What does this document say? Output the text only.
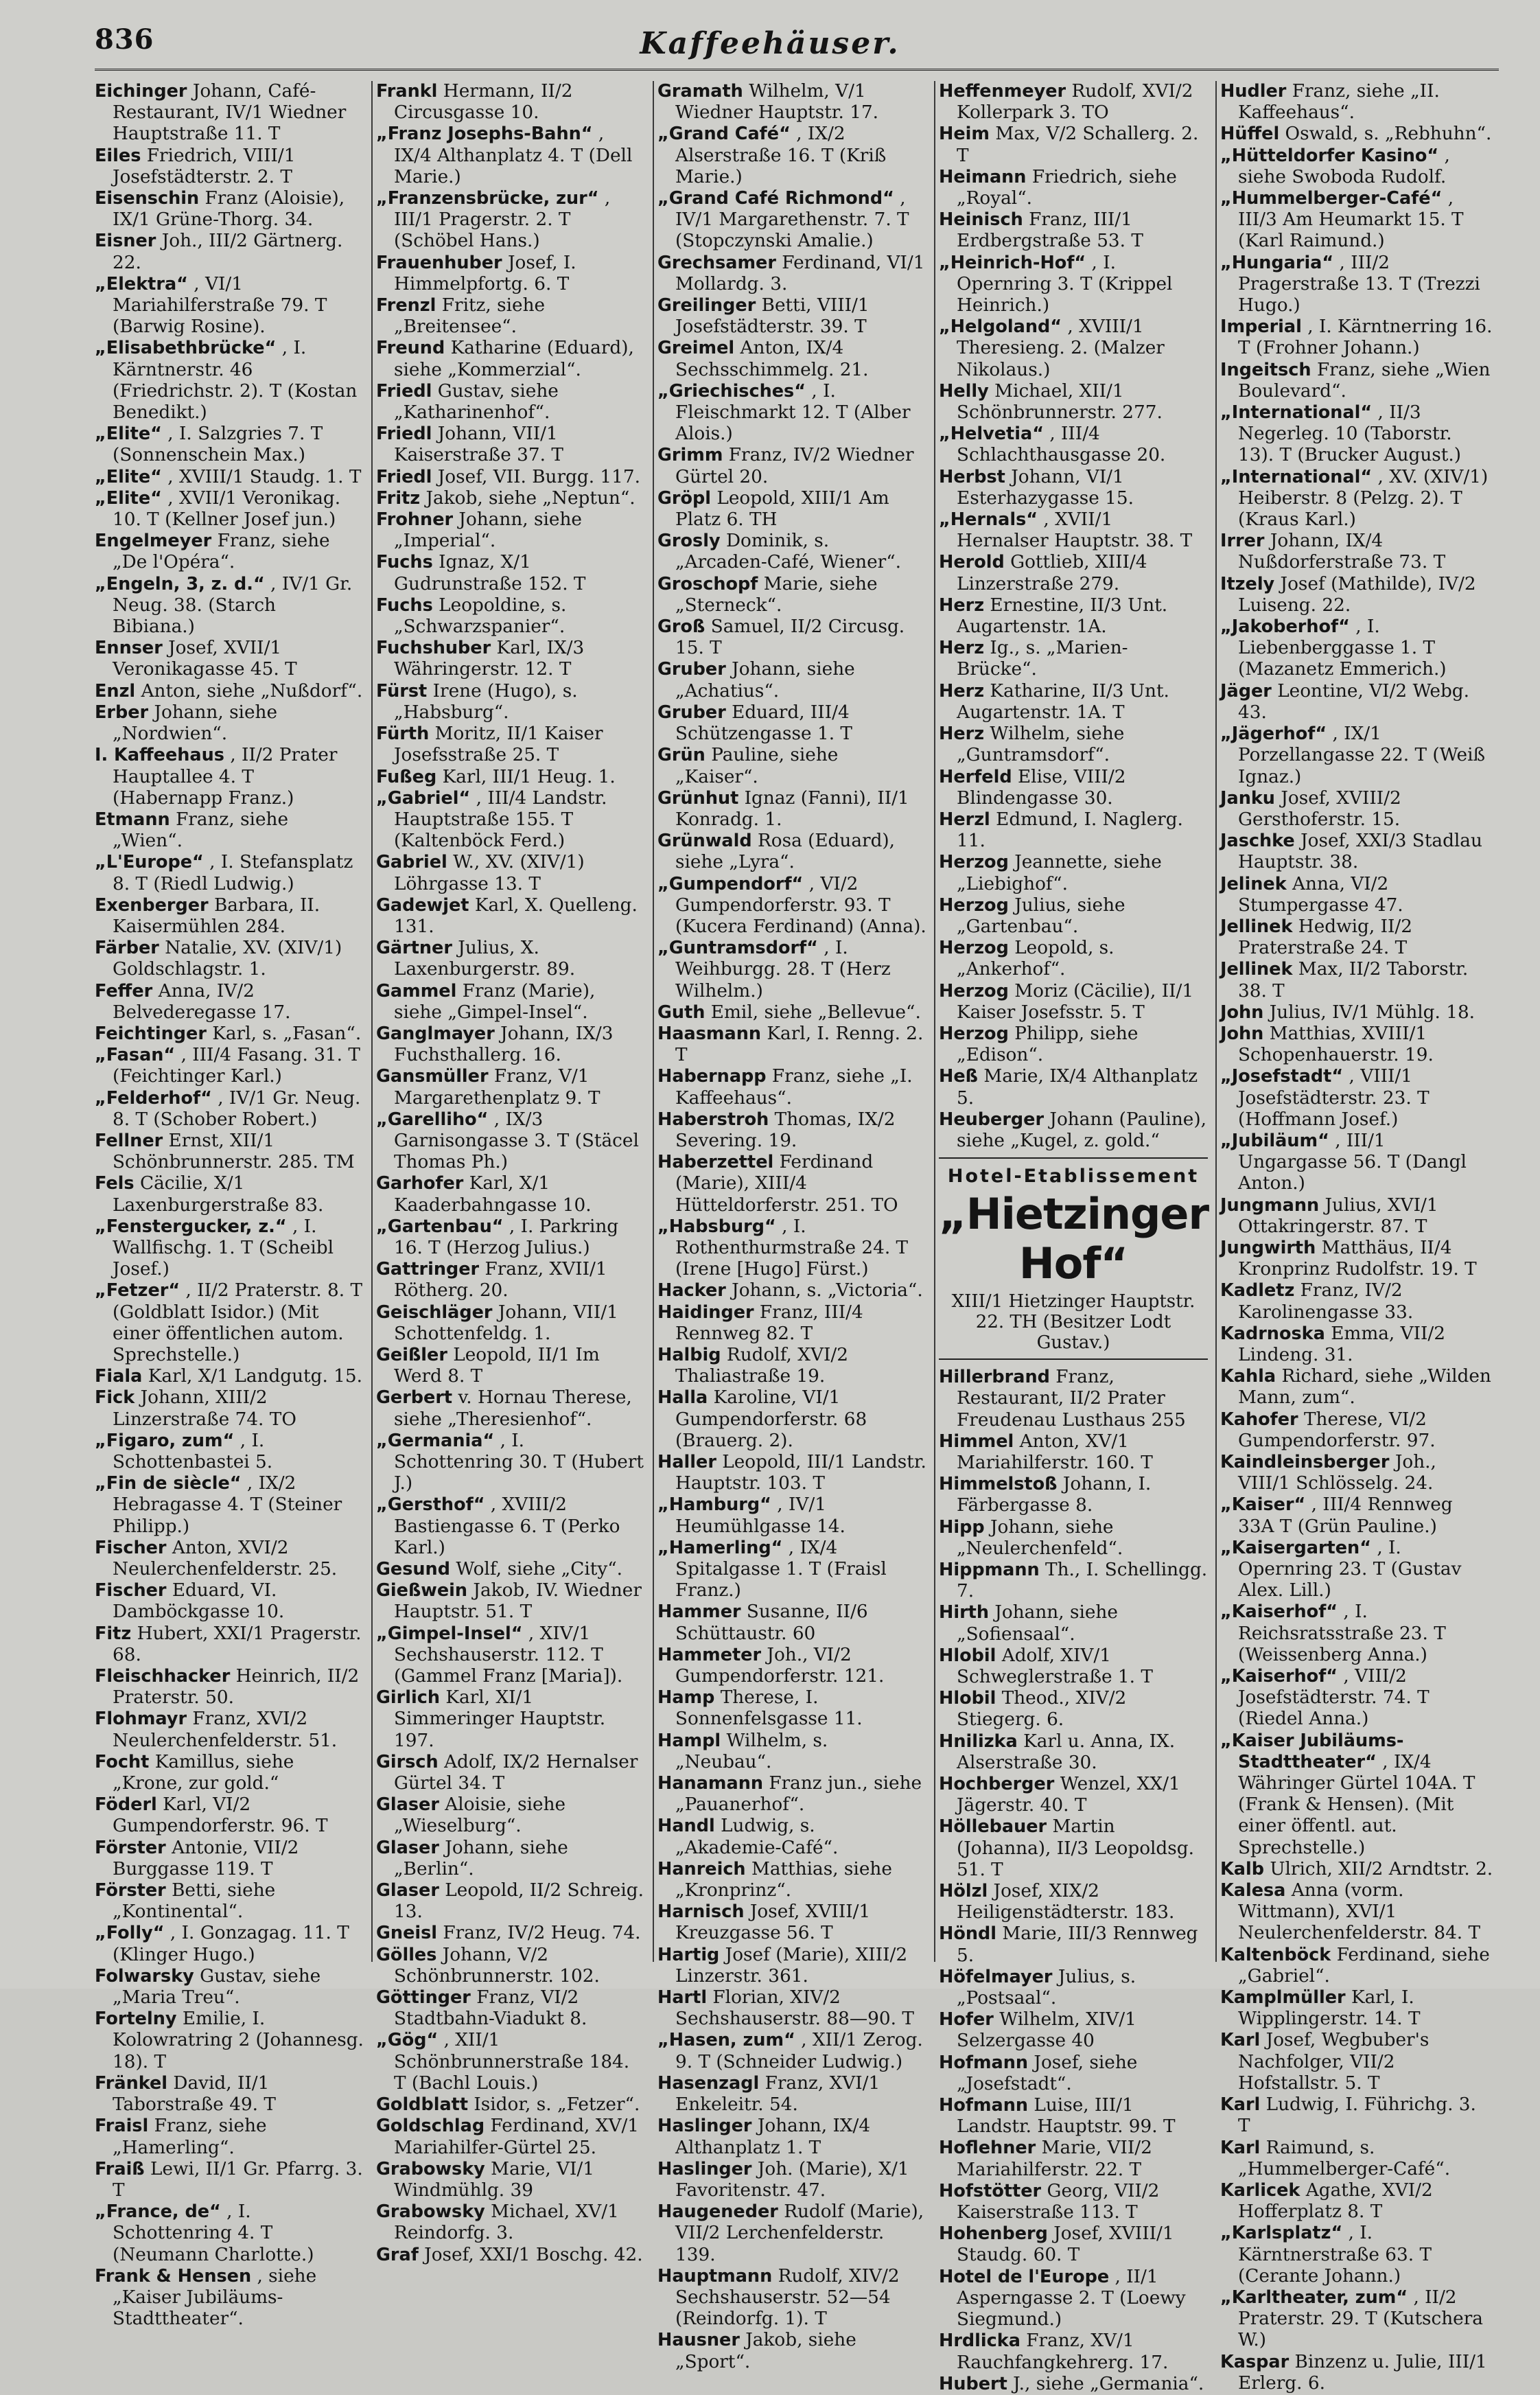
836	Kaffeehäuser.

Eichinger Johann, Café-Restaurant, IV/1 Wiedner Hauptstraße 11. T

Eiles Friedrich, VIII/1 Josefstädterstr. 2. T

Eisenschin Franz (Aloisie), IX/1 Grüne-Thorg. 34.

Eisner Joh., III/2 Gärtnerg. 22.

„Elektra“ , VI/1 Mariahilferstraße 79. T (Barwig Rosine).

„Elisabethbrücke“ , I. Kärntnerstr. 46 (Friedrichstr. 2). T (Kostan Benedikt.)

„Elite“ , I. Salzgries 7. T (Sonnenschein Max.)

„Elite“ , XVIII/1 Staudg. 1. T

„Elite“ , XVII/1 Veronikag. 10. T (Kellner Josef jun.)

Engelmeyer Franz, siehe „De l'Opéra“.

„Engeln, 3, z. d.“ , IV/1 Gr. Neug. 38. (Starch Bibiana.)

Ennser Josef, XVII/1 Veronikagasse 45. T

Enzl Anton, siehe „Nußdorf“.

Erber Johann, siehe „Nordwien“.

I. Kaffeehaus , II/2 Prater Hauptallee 4. T (Habernapp Franz.)

Etmann Franz, siehe „Wien“.

„L'Europe“ , I. Stefansplatz 8. T (Riedl Ludwig.)

Exenberger Barbara, II. Kaisermühlen 284.

Färber Natalie, XV. (XIV/1) Goldschlagstr. 1.

Feffer Anna, IV/2 Belvederegasse 17.

Feichtinger Karl, s. „Fasan“.

„Fasan“ , III/4 Fasang. 31. T (Feichtinger Karl.)

„Felderhof“ , IV/1 Gr. Neug. 8. T (Schober Robert.)

Fellner Ernst, XII/1 Schönbrunnerstr. 285. TM

Fels Cäcilie, X/1 Laxenburgerstraße 83.

„Fenstergucker, z.“ , I. Wallfischg. 1. T (Scheibl Josef.)

„Fetzer“ , II/2 Praterstr. 8. T (Goldblatt Isidor.) (Mit einer öffentlichen autom. Sprechstelle.)

Fiala Karl, X/1 Landgutg. 15.

Fick Johann, XIII/2 Linzerstraße 74. TO

„Figaro, zum“ , I. Schottenbastei 5.

„Fin de siècle“ , IX/2 Hebragasse 4. T (Steiner Philipp.)

Fischer Anton, XVI/2 Neulerchenfelderstr. 25.

Fischer Eduard, VI. Damböckgasse 10.

Fitz Hubert, XXI/1 Pragerstr. 68.

Fleischhacker Heinrich, II/2 Praterstr. 50.

Flohmayr Franz, XVI/2 Neulerchenfelderstr. 51.

Focht Kamillus, siehe „Krone, zur gold.“

Föderl Karl, VI/2 Gumpendorferstr. 96. T

Förster Antonie, VII/2 Burggasse 119. T

Förster Betti, siehe „Kontinental“.

„Folly“ , I. Gonzagag. 11. T (Klinger Hugo.)

Folwarsky Gustav, siehe „Maria Treu“.

Fortelny Emilie, I. Kolowratring 2 (Johannesg. 18). T

Fränkel David, II/1 Taborstraße 49. T

Fraisl Franz, siehe „Hamerling“.

Fraiß Lewi, II/1 Gr. Pfarrg. 3. T

„France, de“ , I. Schottenring 4. T (Neumann Charlotte.)

Frank & Hensen , siehe „Kaiser Jubiläums-Stadttheater“.

Frankl Hermann, II/2 Circusgasse 10.

„Franz Josephs-Bahn“ , IX/4 Althanplatz 4. T (Dell Marie.)

„Franzensbrücke, zur“ , III/1 Pragerstr. 2. T (Schöbel Hans.)

Frauenhuber Josef, I. Himmelpfortg. 6. T

Frenzl Fritz, siehe „Breitensee“.

Freund Katharine (Eduard), siehe „Kommerzial“.

Friedl Gustav, siehe „Katharinenhof“.

Friedl Johann, VII/1 Kaiserstraße 37. T

Friedl Josef, VII. Burgg. 117.

Fritz Jakob, siehe „Neptun“.

Frohner Johann, siehe „Imperial“.

Fuchs Ignaz, X/1 Gudrunstraße 152. T

Fuchs Leopoldine, s. „Schwarzspanier“.

Fuchshuber Karl, IX/3 Währingerstr. 12. T

Fürst Irene (Hugo), s. „Habsburg“.

Fürth Moritz, II/1 Kaiser Josefsstraße 25. T

Fußeg Karl, III/1 Heug. 1.

„Gabriel“ , III/4 Landstr. Hauptstraße 155. T (Kaltenböck Ferd.)

Gabriel W., XV. (XIV/1) Löhrgasse 13. T

Gadewjet Karl, X. Quelleng. 131.

Gärtner Julius, X. Laxenburgerstr. 89.

Gammel Franz (Marie), siehe „Gimpel-Insel“.

Ganglmayer Johann, IX/3 Fuchsthallerg. 16.

Gansmüller Franz, V/1 Margarethenplatz 9. T

„Garelliho“ , IX/3 Garnisongasse 3. T (Stäcel Thomas Ph.)

Garhofer Karl, X/1 Kaaderbahngasse 10.

„Gartenbau“ , I. Parkring 16. T (Herzog Julius.)

Gattringer Franz, XVII/1 Rötherg. 20.

Geischläger Johann, VII/1 Schottenfeldg. 1.

Geißler Leopold, II/1 Im Werd 8. T

Gerbert v. Hornau Therese, siehe „Theresienhof“.

„Germania“ , I. Schottenring 30. T (Hubert J.)

„Gersthof“ , XVIII/2 Bastiengasse 6. T (Perko Karl.)

Gesund Wolf, siehe „City“.

Gießwein Jakob, IV. Wiedner Hauptstr. 51. T

„Gimpel-Insel“ , XIV/1 Sechshauserstr. 112. T (Gammel Franz [Maria]).

Girlich Karl, XI/1 Simmeringer Hauptstr. 197.

Girsch Adolf, IX/2 Hernalser Gürtel 34. T

Glaser Aloisie, siehe „Wieselburg“.

Glaser Johann, siehe „Berlin“.

Glaser Leopold, II/2 Schreig. 13.

Gneisl Franz, IV/2 Heug. 74.

Gölles Johann, V/2 Schönbrunnerstr. 102.

Göttinger Franz, VI/2 Stadtbahn-Viadukt 8.

„Gög“ , XII/1 Schönbrunnerstraße 184. T (Bachl Louis.)

Goldblatt Isidor, s. „Fetzer“.

Goldschlag Ferdinand, XV/1 Mariahilfer-Gürtel 25.

Grabowsky Marie, VI/1 Windmühlg. 39

Grabowsky Michael, XV/1 Reindorfg. 3.

Graf Josef, XXI/1 Boschg. 42.

Gramath Wilhelm, V/1 Wiedner Hauptstr. 17.

„Grand Café“ , IX/2 Alserstraße 16. T (Kriß Marie.)

„Grand Café Richmond“ , IV/1 Margarethenstr. 7. T (Stopczynski Amalie.)

Grechsamer Ferdinand, VI/1 Mollardg. 3.

Greilinger Betti, VIII/1 Josefstädterstr. 39. T

Greimel Anton, IX/4 Sechsschimmelg. 21.

„Griechisches“ , I. Fleischmarkt 12. T (Alber Alois.)

Grimm Franz, IV/2 Wiedner Gürtel 20.

Gröpl Leopold, XIII/1 Am Platz 6. TH

Grosly Dominik, s. „Arcaden-Café, Wiener“.

Groschopf Marie, siehe „Sterneck“.

Groß Samuel, II/2 Circusg. 15. T

Gruber Johann, siehe „Achatius“.

Gruber Eduard, III/4 Schützengasse 1. T

Grün Pauline, siehe „Kaiser“.

Grünhut Ignaz (Fanni), II/1 Konradg. 1.

Grünwald Rosa (Eduard), siehe „Lyra“.

„Gumpendorf“ , VI/2 Gumpendorferstr. 93. T (Kucera Ferdinand) (Anna).

„Guntramsdorf“ , I. Weihburgg. 28. T (Herz Wilhelm.)

Guth Emil, siehe „Bellevue“.

Haasmann Karl, I. Renng. 2. T

Habernapp Franz, siehe „I. Kaffeehaus“.

Haberstroh Thomas, IX/2 Severing. 19.

Haberzettel Ferdinand (Marie), XIII/4 Hütteldorferstr. 251. TO

„Habsburg“ , I. Rothenthurmstraße 24. T (Irene [Hugo] Fürst.)

Hacker Johann, s. „Victoria“.

Haidinger Franz, III/4 Rennweg 82. T

Halbig Rudolf, XVI/2 Thaliastraße 19.

Halla Karoline, VI/1 Gumpendorferstr. 68 (Brauerg. 2).

Haller Leopold, III/1 Landstr. Hauptstr. 103. T

„Hamburg“ , IV/1 Heumühlgasse 14.

„Hamerling“ , IX/4 Spitalgasse 1. T (Fraisl Franz.)

Hammer Susanne, II/6 Schüttaustr. 60

Hammeter Joh., VI/2 Gumpendorferstr. 121.

Hamp Therese, I. Sonnenfelsgasse 11.

Hampl Wilhelm, s. „Neubau“.

Hanamann Franz jun., siehe „Pauanerhof“.

Handl Ludwig, s. „Akademie-Café“.

Hanreich Matthias, siehe „Kronprinz“.

Harnisch Josef, XVIII/1 Kreuzgasse 56. T

Hartig Josef (Marie), XIII/2 Linzerstr. 361.

Hartl Florian, XIV/2 Sechshauserstr. 88—90. T

„Hasen, zum“ , XII/1 Zerog. 9. T (Schneider Ludwig.)

Hasenzagl Franz, XVI/1 Enkeleitr. 54.

Haslinger Johann, IX/4 Althanplatz 1. T

Haslinger Joh. (Marie), X/1 Favoritenstr. 47.

Haugeneder Rudolf (Marie), VII/2 Lerchenfelderstr. 139.

Hauptmann Rudolf, XIV/2 Sechshauserstr. 52—54 (Reindorfg. 1). T

Hausner Jakob, siehe „Sport“.

Heffenmeyer Rudolf, XVI/2 Kollerpark 3. TO

Heim Max, V/2 Schallerg. 2. T

Heimann Friedrich, siehe „Royal“.

Heinisch Franz, III/1 Erdbergstraße 53. T

„Heinrich-Hof“ , I. Opernring 3. T (Krippel Heinrich.)

„Helgoland“ , XVIII/1 Theresieng. 2. (Malzer Nikolaus.)

Helly Michael, XII/1 Schönbrunnerstr. 277.

„Helvetia“ , III/4 Schlachthausgasse 20.

Herbst Johann, VI/1 Esterhazygasse 15.

„Hernals“ , XVII/1 Hernalser Hauptstr. 38. T

Herold Gottlieb, XIII/4 Linzerstraße 279.

Herz Ernestine, II/3 Unt. Augartenstr. 1A.

Herz Ig., s. „Marien-Brücke“.

Herz Katharine, II/3 Unt. Augartenstr. 1A. T

Herz Wilhelm, siehe „Guntramsdorf“.

Herfeld Elise, VIII/2 Blindengasse 30.

Herzl Edmund, I. Naglerg. 11.

Herzog Jeannette, siehe „Liebighof“.

Herzog Julius, siehe „Gartenbau“.

Herzog Leopold, s. „Ankerhof“.

Herzog Moriz (Cäcilie), II/1 Kaiser Josefsstr. 5. T

Herzog Philipp, siehe „Edison“.

Heß Marie, IX/4 Althanplatz 5.

Heuberger Johann (Pauline), siehe „Kugel, z. gold.“

Hotel-Etablissement
„Hietzinger Hof“
XIII/1 Hietzinger Hauptstr. 22. TH (Besitzer Lodt Gustav.)

Hillerbrand Franz, Restaurant, II/2 Prater Freudenau Lusthaus 255

Himmel Anton, XV/1 Mariahilferstr. 160. T

Himmelstoß Johann, I. Färbergasse 8.

Hipp Johann, siehe „Neulerchenfeld“.

Hippmann Th., I. Schellingg. 7.

Hirth Johann, siehe „Sofiensaal“.

Hlobil Adolf, XIV/1 Schweglerstraße 1. T

Hlobil Theod., XIV/2 Stiegerg. 6.

Hnilizka Karl u. Anna, IX. Alserstraße 30.

Hochberger Wenzel, XX/1 Jägerstr. 40. T

Höllebauer Martin (Johanna), II/3 Leopoldsg. 51. T

Hölzl Josef, XIX/2 Heiligenstädterstr. 183.

Höndl Marie, III/3 Rennweg 5.

Höfelmayer Julius, s. „Postsaal“.

Hofer Wilhelm, XIV/1 Selzergasse 40

Hofmann Josef, siehe „Josefstadt“.

Hofmann Luise, III/1 Landstr. Hauptstr. 99. T

Hoflehner Marie, VII/2 Mariahilferstr. 22. T

Hofstötter Georg, VII/2 Kaiserstraße 113. T

Hohenberg Josef, XVIII/1 Staudg. 60. T

Hotel de l'Europe , II/1 Asperngasse 2. T (Loewy Siegmund.)

Hrdlicka Franz, XV/1 Rauchfangkehrerg. 17.

Hubert J., siehe „Germania“.

Hudler Franz, siehe „II. Kaffeehaus“.

Hüffel Oswald, s. „Rebhuhn“.

„Hütteldorfer Kasino“ , siehe Swoboda Rudolf.

„Hummelberger-Café“ , III/3 Am Heumarkt 15. T (Karl Raimund.)

„Hungaria“ , III/2 Pragerstraße 13. T (Trezzi Hugo.)

Imperial , I. Kärntnerring 16. T (Frohner Johann.)

Ingeitsch Franz, siehe „Wien Boulevard“.

„International“ , II/3 Negerleg. 10 (Taborstr. 13). T (Brucker August.)

„International“ , XV. (XIV/1) Heiberstr. 8 (Pelzg. 2). T (Kraus Karl.)

Irrer Johann, IX/4 Nußdorferstraße 73. T

Itzely Josef (Mathilde), IV/2 Luiseng. 22.

„Jakoberhof“ , I. Liebenberggasse 1. T (Mazanetz Emmerich.)

Jäger Leontine, VI/2 Webg. 43.

„Jägerhof“ , IX/1 Porzellangasse 22. T (Weiß Ignaz.)

Janku Josef, XVIII/2 Gersthoferstr. 15.

Jaschke Josef, XXI/3 Stadlau Hauptstr. 38.

Jelinek Anna, VI/2 Stumpergasse 47.

Jellinek Hedwig, II/2 Praterstraße 24. T

Jellinek Max, II/2 Taborstr. 38. T

John Julius, IV/1 Mühlg. 18.

John Matthias, XVIII/1 Schopenhauerstr. 19.

„Josefstadt“ , VIII/1 Josefstädterstr. 23. T (Hoffmann Josef.)

„Jubiläum“ , III/1 Ungargasse 56. T (Dangl Anton.)

Jungmann Julius, XVI/1 Ottakringerstr. 87. T

Jungwirth Matthäus, II/4 Kronprinz Rudolfstr. 19. T

Kadletz Franz, IV/2 Karolinengasse 33.

Kadrnoska Emma, VII/2 Lindeng. 31.

Kahla Richard, siehe „Wilden Mann, zum“.

Kahofer Therese, VI/2 Gumpendorferstr. 97.

Kaindleinsberger Joh., VIII/1 Schlösselg. 24.

„Kaiser“ , III/4 Rennweg 33A T (Grün Pauline.)

„Kaisergarten“ , I. Opernring 23. T (Gustav Alex. Lill.)

„Kaiserhof“ , I. Reichsratsstraße 23. T (Weissenberg Anna.)

„Kaiserhof“ , VIII/2 Josefstädterstr. 74. T (Riedel Anna.)

„Kaiser Jubiläums-Stadttheater“ , IX/4 Währinger Gürtel 104A. T (Frank & Hensen). (Mit einer öffentl. aut. Sprechstelle.)

Kalb Ulrich, XII/2 Arndtstr. 2.

Kalesa Anna (vorm. Wittmann), XVI/1 Neulerchenfelderstr. 84. T

Kaltenböck Ferdinand, siehe „Gabriel“.

Kamplmüller Karl, I. Wipplingerstr. 14. T

Karl Josef, Wegbuber's Nachfolger, VII/2 Hofstallstr. 5. T

Karl Ludwig, I. Führichg. 3. T

Karl Raimund, s. „Hummelberger-Café“.

Karlicek Agathe, XVI/2 Hofferplatz 8. T

„Karlsplatz“ , I. Kärntnerstraße 63. T (Cerante Johann.)

„Karltheater, zum“ , II/2 Praterstr. 29. T (Kutschera W.)

Kaspar Binzenz u. Julie, III/1 Erlerg. 6.
